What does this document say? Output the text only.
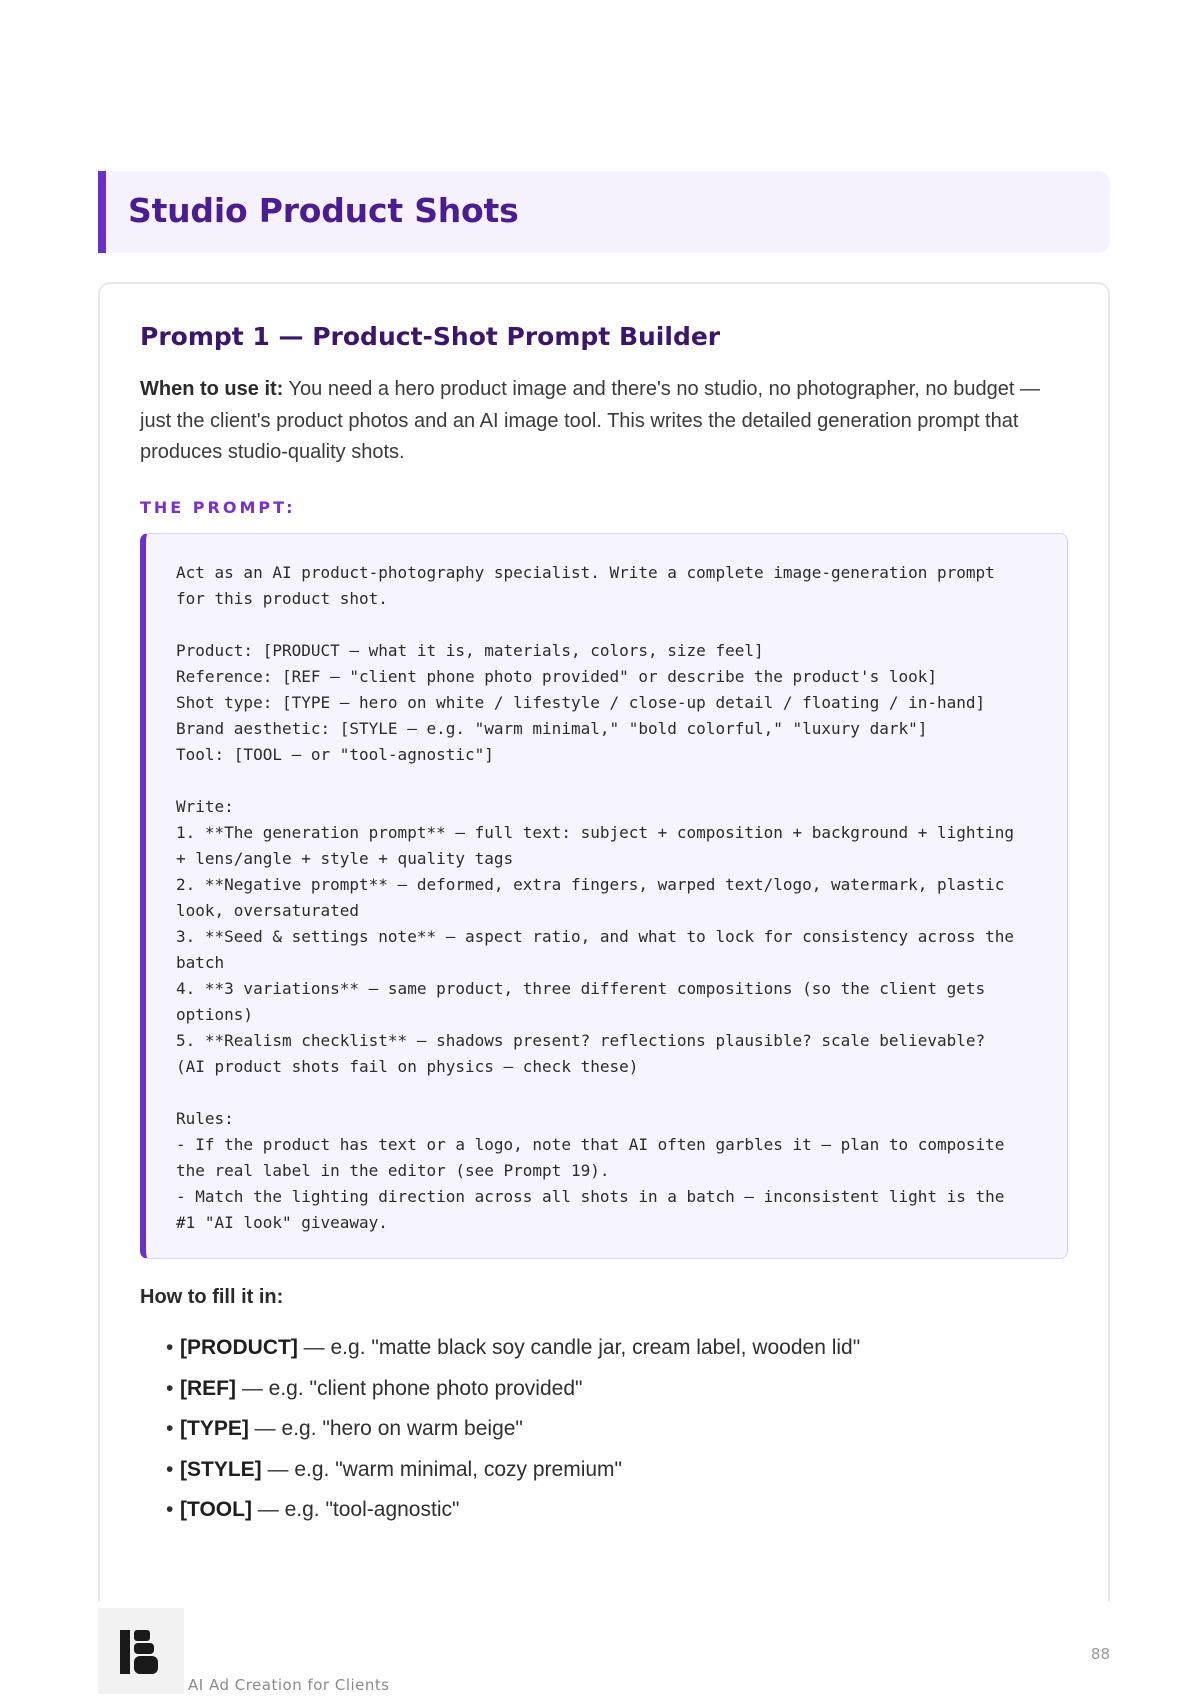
Studio Product Shots
Prompt 1 — Product-Shot Prompt Builder

When to use it: You need a hero product image and there's no studio, no photographer, no budget — just the client's product photos and an AI image tool. This writes the detailed generation prompt that produces studio-quality shots.

THE PROMPT:
Act as an AI product-photography specialist. Write a complete image-generation prompt
for this product shot.

Product: [PRODUCT — what it is, materials, colors, size feel]
Reference: [REF — "client phone photo provided" or describe the product's look]
Shot type: [TYPE — hero on white / lifestyle / close-up detail / floating / in-hand]
Brand aesthetic: [STYLE — e.g. "warm minimal," "bold colorful," "luxury dark"]
Tool: [TOOL — or "tool-agnostic"]

Write:
1. **The generation prompt** — full text: subject + composition + background + lighting
+ lens/angle + style + quality tags
2. **Negative prompt** — deformed, extra fingers, warped text/logo, watermark, plastic
look, oversaturated
3. **Seed & settings note** — aspect ratio, and what to lock for consistency across the
batch
4. **3 variations** — same product, three different compositions (so the client gets
options)
5. **Realism checklist** — shadows present? reflections plausible? scale believable?
(AI product shots fail on physics — check these)

Rules:
- If the product has text or a logo, note that AI often garbles it — plan to composite
the real label in the editor (see Prompt 19).
- Match the lighting direction across all shots in a batch — inconsistent light is the
#1 "AI look" giveaway.
How to fill it in:
• [PRODUCT] — e.g. "matte black soy candle jar, cream label, wooden lid"
• [REF] — e.g. "client phone photo provided"
• [TYPE] — e.g. "hero on warm beige"
• [STYLE] — e.g. "warm minimal, cozy premium"
• [TOOL] — e.g. "tool-agnostic"
AI Ad Creation for Clients
88
